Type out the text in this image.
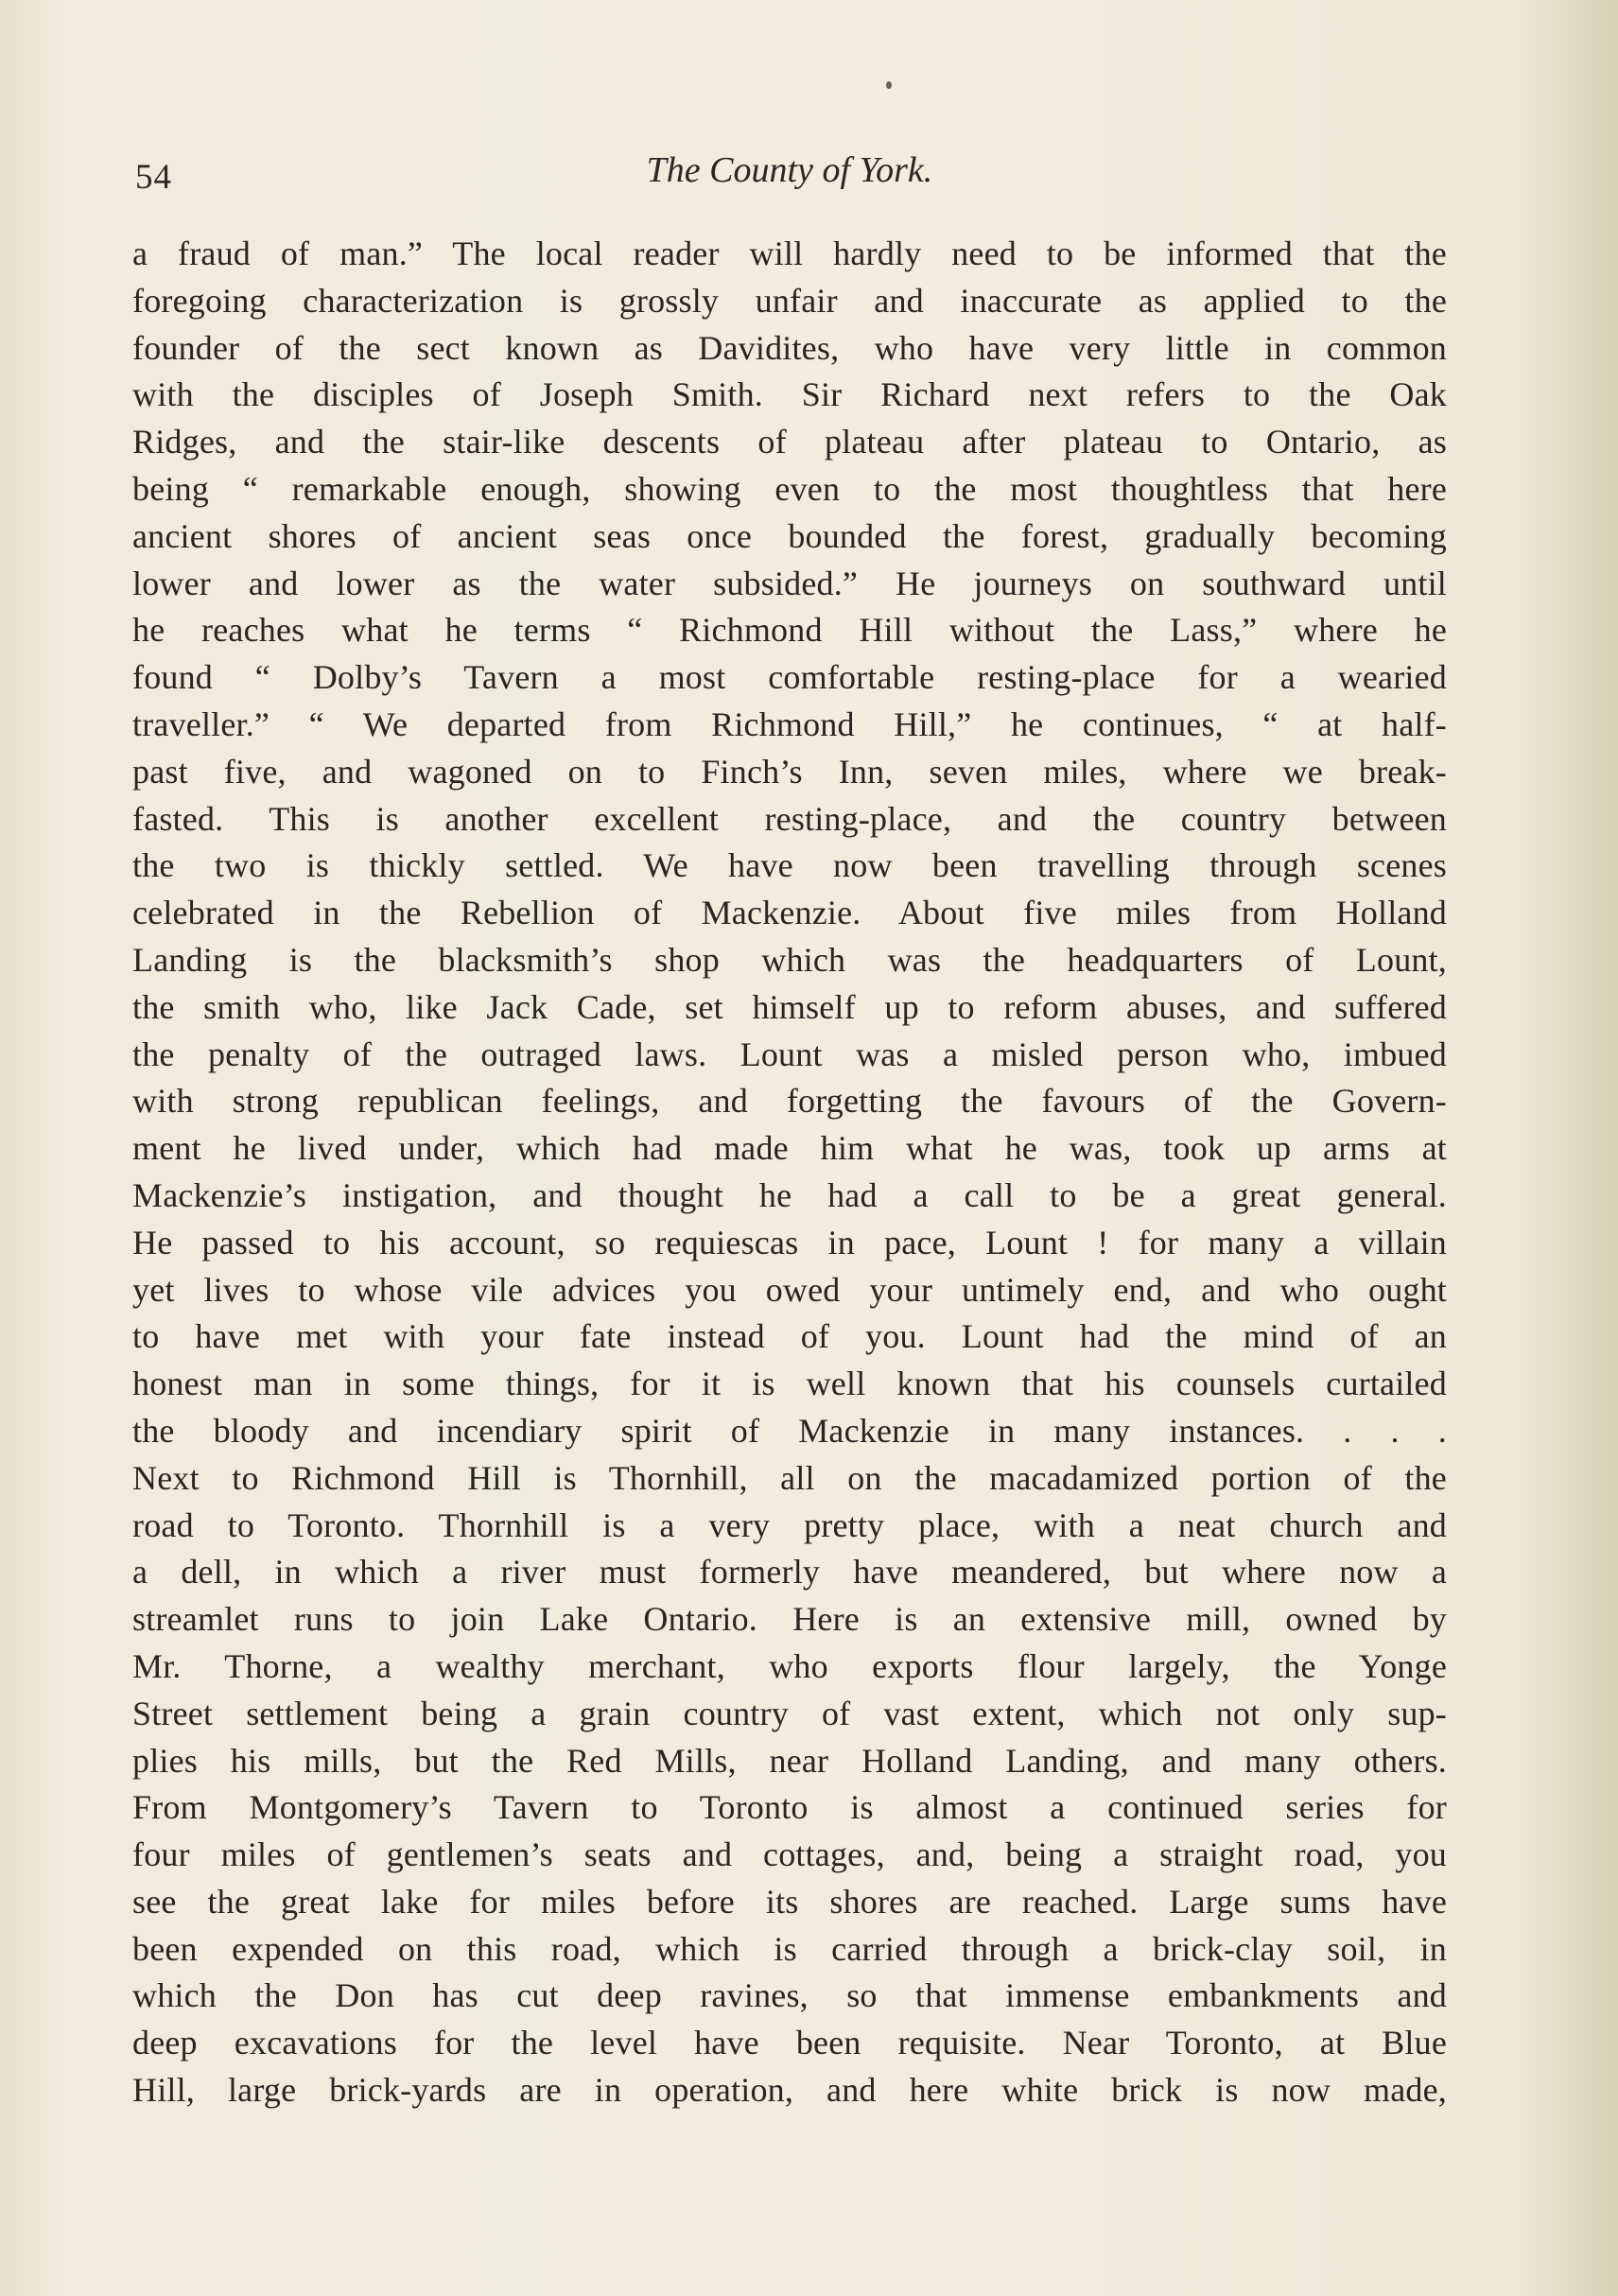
54	The County of York.
a fraud of man.” The local reader will hardly need to be informed that the
foregoing characterization is grossly unfair and inaccurate as applied to the
founder of the sect known as Davidites, who have very little in common
with the disciples of Joseph Smith. Sir Richard next refers to the Oak
Ridges, and the stair-like descents of plateau after plateau to Ontario, as
being “ remarkable enough, showing even to the most thoughtless that here
ancient shores of ancient seas once bounded the forest, gradually becoming
lower and lower as the water subsided.” He journeys on southward until
he reaches what he terms “ Richmond Hill without the Lass,” where he
found “ Dolby’s Tavern a most comfortable resting-place for a wearied
traveller.” “ We departed from Richmond Hill,” he continues, “ at half-
past five, and wagoned on to Finch’s Inn, seven miles, where we break-
fasted. This is another excellent resting-place, and the country between
the two is thickly settled. We have now been travelling through scenes
celebrated in the Rebellion of Mackenzie. About five miles from Holland
Landing is the blacksmith’s shop which was the headquarters of Lount,
the smith who, like Jack Cade, set himself up to reform abuses, and suffered
the penalty of the outraged laws. Lount was a misled person who, imbued
with strong republican feelings, and forgetting the favours of the Govern-
ment he lived under, which had made him what he was, took up arms at
Mackenzie’s instigation, and thought he had a call to be a great general.
He passed to his account, so requiescas in pace, Lount ! for many a villain
yet lives to whose vile advices you owed your untimely end, and who ought
to have met with your fate instead of you. Lount had the mind of an
honest man in some things, for it is well known that his counsels curtailed
the bloody and incendiary spirit of Mackenzie in many instances. . . .
Next to Richmond Hill is Thornhill, all on the macadamized portion of the
road to Toronto. Thornhill is a very pretty place, with a neat church and
a dell, in which a river must formerly have meandered, but where now a
streamlet runs to join Lake Ontario. Here is an extensive mill, owned by
Mr. Thorne, a wealthy merchant, who exports flour largely, the Yonge
Street settlement being a grain country of vast extent, which not only sup-
plies his mills, but the Red Mills, near Holland Landing, and many others.
From Montgomery’s Tavern to Toronto is almost a continued series for
four miles of gentlemen’s seats and cottages, and, being a straight road, you
see the great lake for miles before its shores are reached. Large sums have
been expended on this road, which is carried through a brick-clay soil, in
which the Don has cut deep ravines, so that immense embankments and
deep excavations for the level have been requisite. Near Toronto, at Blue
Hill, large brick-yards are in operation, and here white brick is now made,
